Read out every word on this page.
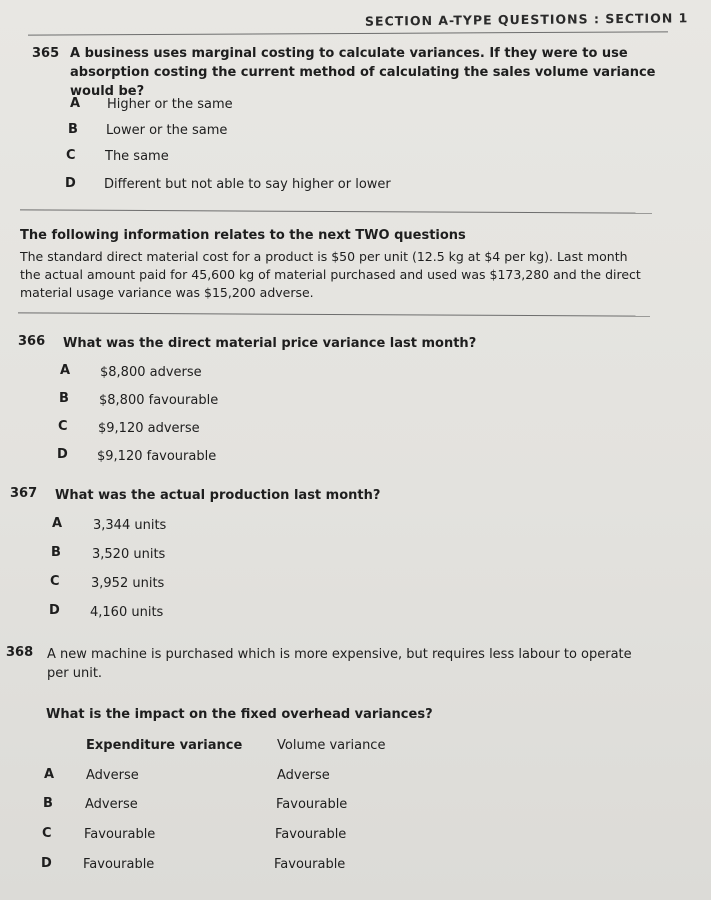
SECTION A-TYPE QUESTIONS : SECTION 1
365 A business uses marginal costing to calculate variances. If they were to use absorption costing the current method of calculating the sales volume variance would be?
A Higher or the same
B Lower or the same
C The same
D Different but not able to say higher or lower
The following information relates to the next TWO questions
The standard direct material cost for a product is $50 per unit (12.5 kg at $4 per kg). Last month the actual amount paid for 45,600 kg of material purchased and used was $173,280 and the direct material usage variance was $15,200 adverse.
366 What was the direct material price variance last month?
A $8,800 adverse
B $8,800 favourable
C $9,120 adverse
D $9,120 favourable
367 What was the actual production last month?
A 3,344 units
B 3,520 units
C 3,952 units
D 4,160 units
368 A new machine is purchased which is more expensive, but requires less labour to operate per unit.
What is the impact on the fixed overhead variances?
Expenditure variance	Volume variance
A Adverse	Adverse
B Adverse	Favourable
C Favourable	Favourable
D Favourable	Favourable
